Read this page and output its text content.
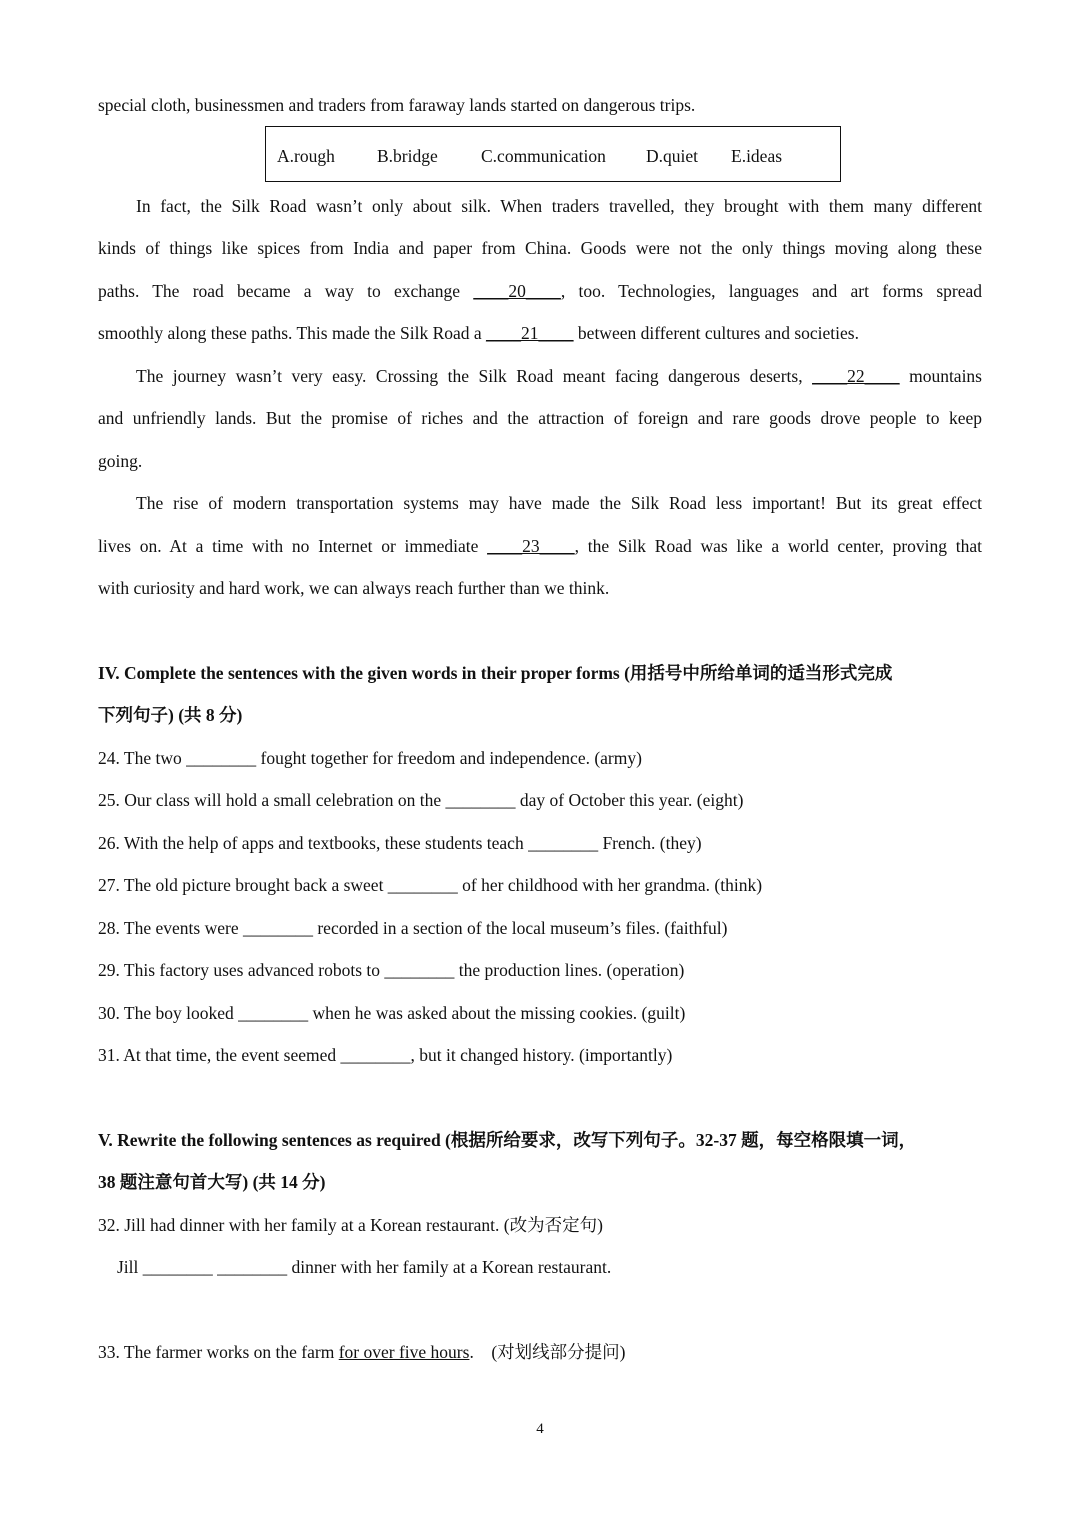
special cloth, businessmen and traders from faraway lands started on dangerous trips.
A.rough B.bridge C.communication D.quiet E.ideas
In fact, the Silk Road wasn’t only about silk. When traders travelled, they brought with them many different
kinds of things like spices from India and paper from China. Goods were not the only things moving along these
paths. The road became a way to exchange ____20____, too. Technologies, languages and art forms spread
smoothly along these paths. This made the Silk Road a ____21____ between different cultures and societies.
The journey wasn’t very easy. Crossing the Silk Road meant facing dangerous deserts, ____22____ mountains
and unfriendly lands. But the promise of riches and the attraction of foreign and rare goods drove people to keep
going.
The rise of modern transportation systems may have made the Silk Road less important! But its great effect
lives on. At a time with no Internet or immediate ____23____, the Silk Road was like a world center, proving that
with curiosity and hard work, we can always reach further than we think.
IV. Complete the sentences with the given words in their proper forms (用括号中所给单词的适当形式完成
下列句子) (共 8 分)
24. The two ________ fought together for freedom and independence. (army)
25. Our class will hold a small celebration on the ________ day of October this year. (eight)
26. With the help of apps and textbooks, these students teach ________ French. (they)
27. The old picture brought back a sweet ________ of her childhood with her grandma. (think)
28. The events were ________ recorded in a section of the local museum’s files. (faithful)
29. This factory uses advanced robots to ________ the production lines. (operation)
30. The boy looked ________ when he was asked about the missing cookies. (guilt)
31. At that time, the event seemed ________, but it changed history. (importantly)
V. Rewrite the following sentences as required (根据所给要求，改写下列句子。32-37 题，每空格限填一词，
38 题注意句首大写) (共 14 分)
32. Jill had dinner with her family at a Korean restaurant. (改为否定句)
Jill ________ ________ dinner with her family at a Korean restaurant.
33. The farmer works on the farm for over five hours.    (对划线部分提问)
4
